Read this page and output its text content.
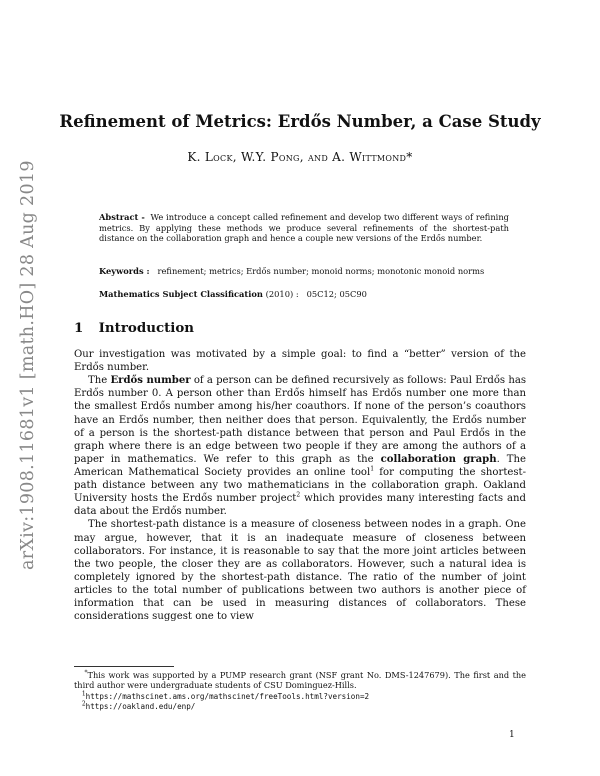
arXiv:1908.11681v1 [math.HO] 28 Aug 2019
Refinement of Metrics: Erdős Number, a Case Study
K. Lock, W.Y. Pong, and A. Wittmond*
Abstract - We introduce a concept called refinement and develop two different ways of refining metrics. By applying these methods we produce several refinements of the shortest-path distance on the collaboration graph and hence a couple new versions of the Erdős number.
Keywords : refinement; metrics; Erdős number; monoid norms; monotonic monoid norms
Mathematics Subject Classification (2010) : 05C12; 05C90
1 Introduction

Our investigation was motivated by a simple goal: to find a “better” version of the Erdős number.

The Erdős number of a person can be defined recursively as follows: Paul Erdős has Erdős number 0. A person other than Erdős himself has Erdős number one more than the smallest Erdős number among his/her coauthors. If none of the person’s coauthors have an Erdős number, then neither does that person. Equivalently, the Erdős number of a person is the shortest-path distance between that person and Paul Erdős in the graph where there is an edge between two people if they are among the authors of a paper in mathematics. We refer to this graph as the collaboration graph. The American Mathematical Society provides an online tool$^1$ for computing the shortest-path distance between any two mathematicians in the collaboration graph. Oakland University hosts the Erdős number project$^2$ which provides many interesting facts and data about the Erdős number.

The shortest-path distance is a measure of closeness between nodes in a graph. One may argue, however, that it is an inadequate measure of closeness between collaborators. For instance, it is reasonable to say that the more joint articles between the two people, the closer they are as collaborators. However, such a natural idea is completely ignored by the shortest-path distance. The ratio of the number of joint articles to the total number of publications between two authors is another piece of information that can be used in measuring distances of collaborators. These considerations suggest one to view

*This work was supported by a PUMP research grant (NSF grant No. DMS-1247679). The first and the third author were undergraduate students of CSU Dominguez-Hills.

$^1$https://mathscinet.ams.org/mathscinet/freeTools.html?version=2

$^2$https://oakland.edu/enp/

1
